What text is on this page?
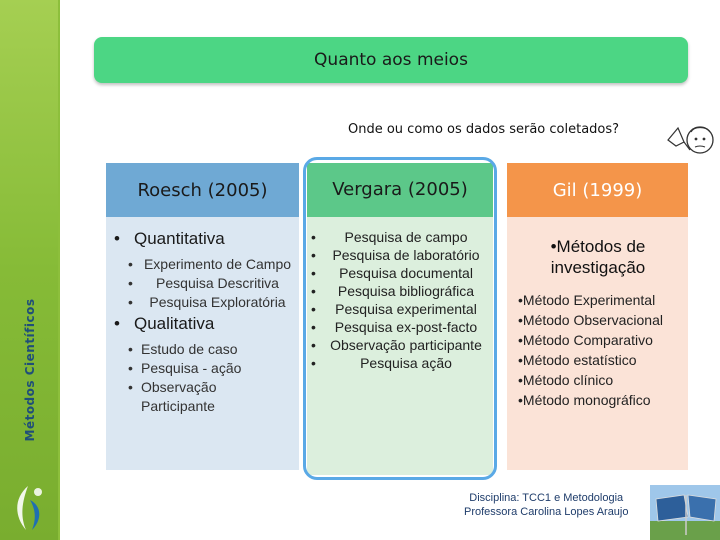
Métodos Científicos
Quanto aos meios
Onde ou como os dados serão coletados?
Roesch (2005)
• Quantitativa
• Experimento de Campo
•	Pesquisa Descritiva
•	Pesquisa Exploratória
• Qualitativa
• Estudo de caso
• Pesquisa - ação
• Observação Participante
Vergara (2005)
•	Pesquisa de campo
•	Pesquisa de laboratório
•	Pesquisa documental
•	Pesquisa bibliográfica
•	Pesquisa experimental
•	Pesquisa ex-post-facto
•	Observação participante
•	Pesquisa ação
Gil (1999)
•Métodos de investigação
•Método Experimental
•Método Observacional
•Método Comparativo
•Método estatístico
•Método clínico
•Método monográfico
Disciplina: TCC1 e Metodologia
Professora Carolina Lopes Araujo
